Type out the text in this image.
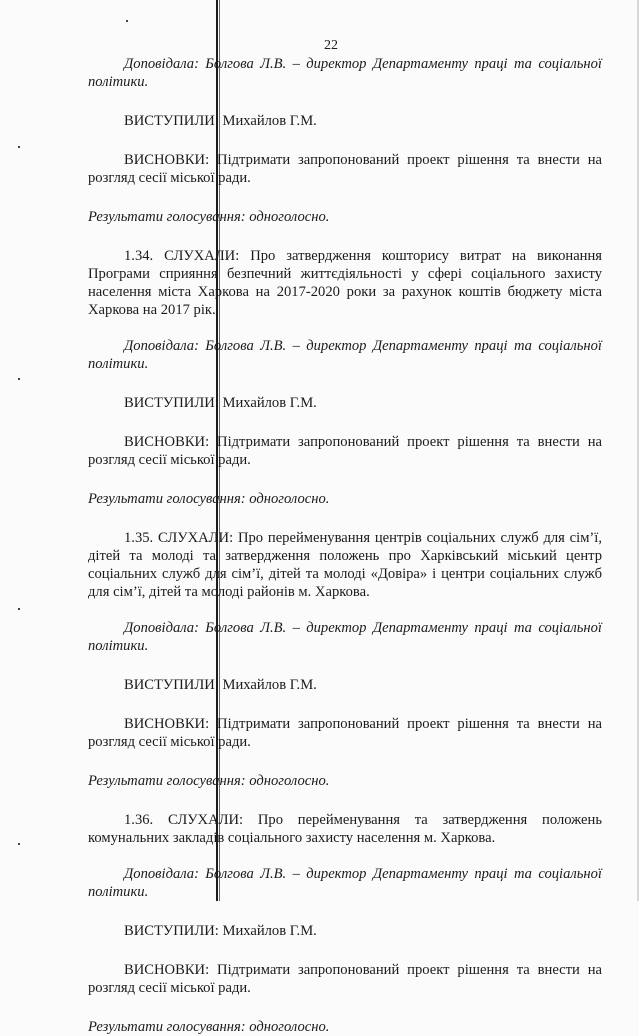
22

Доповідала: Болгова Л.В. – директор Департаменту праці та соціальної політики.

ВИСТУПИЛИ: Михайлов Г.М.

ВИСНОВКИ: Підтримати запропонований проект рішення та внести на розгляд сесії міської ради.

Результати голосування: одноголосно.

1.34. СЛУХАЛИ: Про затвердження кошторису витрат на виконання Програми сприяння безпечний життєдіяльності у сфері соціального захисту населення міста Харкова на 2017-2020 роки за рахунок коштів бюджету міста Харкова на 2017 рік.

Доповідала: Болгова Л.В. – директор Департаменту праці та соціальної політики.

ВИСТУПИЛИ: Михайлов Г.М.

ВИСНОВКИ: Підтримати запропонований проект рішення та внести на розгляд сесії міської ради.

Результати голосування: одноголосно.

1.35. СЛУХАЛИ: Про перейменування центрів соціальних служб для сім’ї, дітей та молоді та затвердження положень про Харківський міський центр соціальних служб для сім’ї, дітей та молоді «Довіра» і центри соціальних служб для сім’ї, дітей та молоді районів м. Харкова.

Доповідала: Болгова Л.В. – директор Департаменту праці та соціальної політики.

ВИСТУПИЛИ: Михайлов Г.М.

ВИСНОВКИ: Підтримати запропонований проект рішення та внести на розгляд сесії міської ради.

Результати голосування: одноголосно.

1.36. СЛУХАЛИ: Про перейменування та затвердження положень комунальних закладів соціального захисту населення м. Харкова.

Доповідала: Болгова Л.В. – директор Департаменту праці та соціальної політики.

ВИСТУПИЛИ: Михайлов Г.М.

ВИСНОВКИ: Підтримати запропонований проект рішення та внести на розгляд сесії міської ради.

Результати голосування: одноголосно.
